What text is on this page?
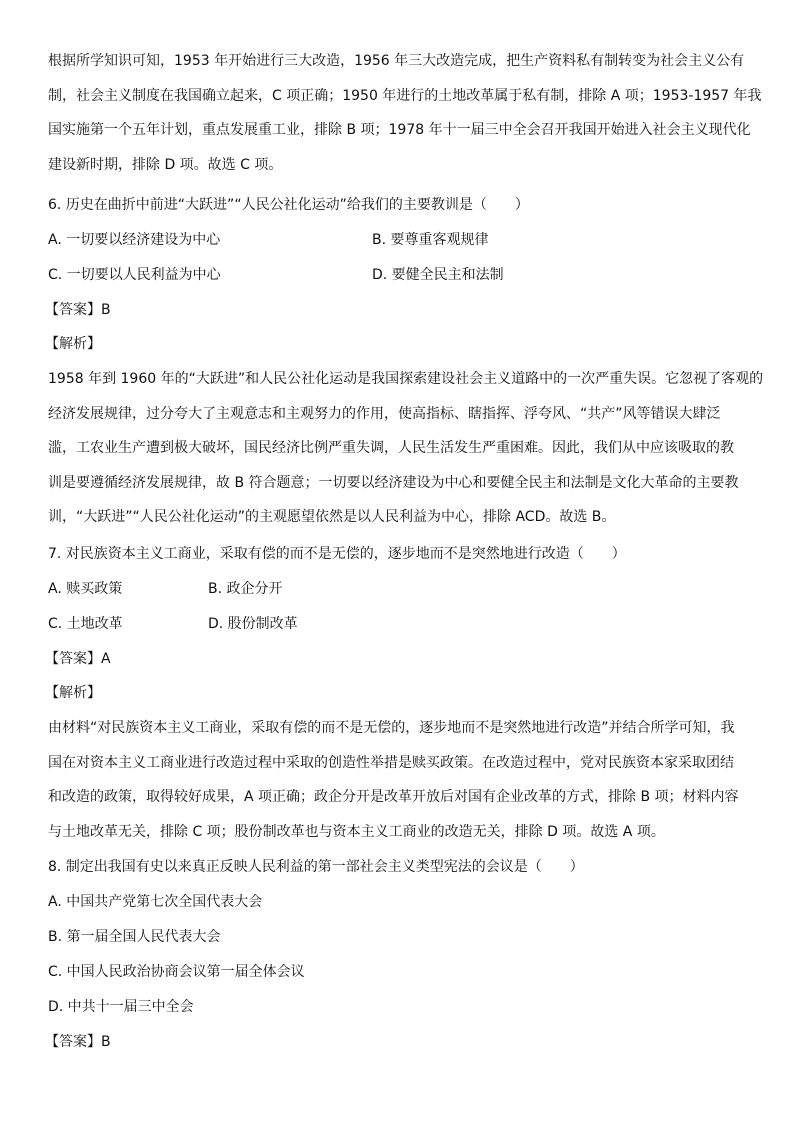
根据所学知识可知，1953 年开始进行三大改造，1956 年三大改造完成，把生产资料私有制转变为社会主义公有
制，社会主义制度在我国确立起来，C 项正确；1950 年进行的土地改革属于私有制，排除 A 项；1953-1957 年我
国实施第一个五年计划，重点发展重工业，排除 B 项；1978 年十一届三中全会召开我国开始进入社会主义现代化
建设新时期，排除 D 项。故选 C 项。
6. 历史在曲折中前进“大跃进”“人民公社化运动”给我们的主要教训是（　　）
A. 一切要以经济建设为中心	B. 要尊重客观规律
C. 一切要以人民利益为中心	D. 要健全民主和法制
【答案】B
【解析】
1958 年到 1960 年的“大跃进”和人民公社化运动是我国探索建设社会主义道路中的一次严重失误。它忽视了客观的
经济发展规律，过分夸大了主观意志和主观努力的作用，使高指标、瞎指挥、浮夸风、“共产”风等错误大肆泛
滥，工农业生产遭到极大破坏，国民经济比例严重失调，人民生活发生严重困难。因此，我们从中应该吸取的教
训是要遵循经济发展规律，故 B 符合题意；一切要以经济建设为中心和要健全民主和法制是文化大革命的主要教
训，“大跃进”“人民公社化运动”的主观愿望依然是以人民利益为中心，排除 ACD。故选 B。
7. 对民族资本主义工商业，采取有偿的而不是无偿的，逐步地而不是突然地进行改造（　　）
A. 赎买政策	B. 政企分开
C. 土地改革	D. 股份制改革
【答案】A
【解析】
由材料“对民族资本主义工商业，采取有偿的而不是无偿的，逐步地而不是突然地进行改造”并结合所学可知，我
国在对资本主义工商业进行改造过程中采取的创造性举措是赎买政策。在改造过程中，党对民族资本家采取团结
和改造的政策，取得较好成果，A 项正确；政企分开是改革开放后对国有企业改革的方式，排除 B 项；材料内容
与土地改革无关，排除 C 项；股份制改革也与资本主义工商业的改造无关，排除 D 项。故选 A 项。
8. 制定出我国有史以来真正反映人民利益的第一部社会主义类型宪法的会议是（　　）
A. 中国共产党第七次全国代表大会
B. 第一届全国人民代表大会
C. 中国人民政治协商会议第一届全体会议
D. 中共十一届三中全会
【答案】B
